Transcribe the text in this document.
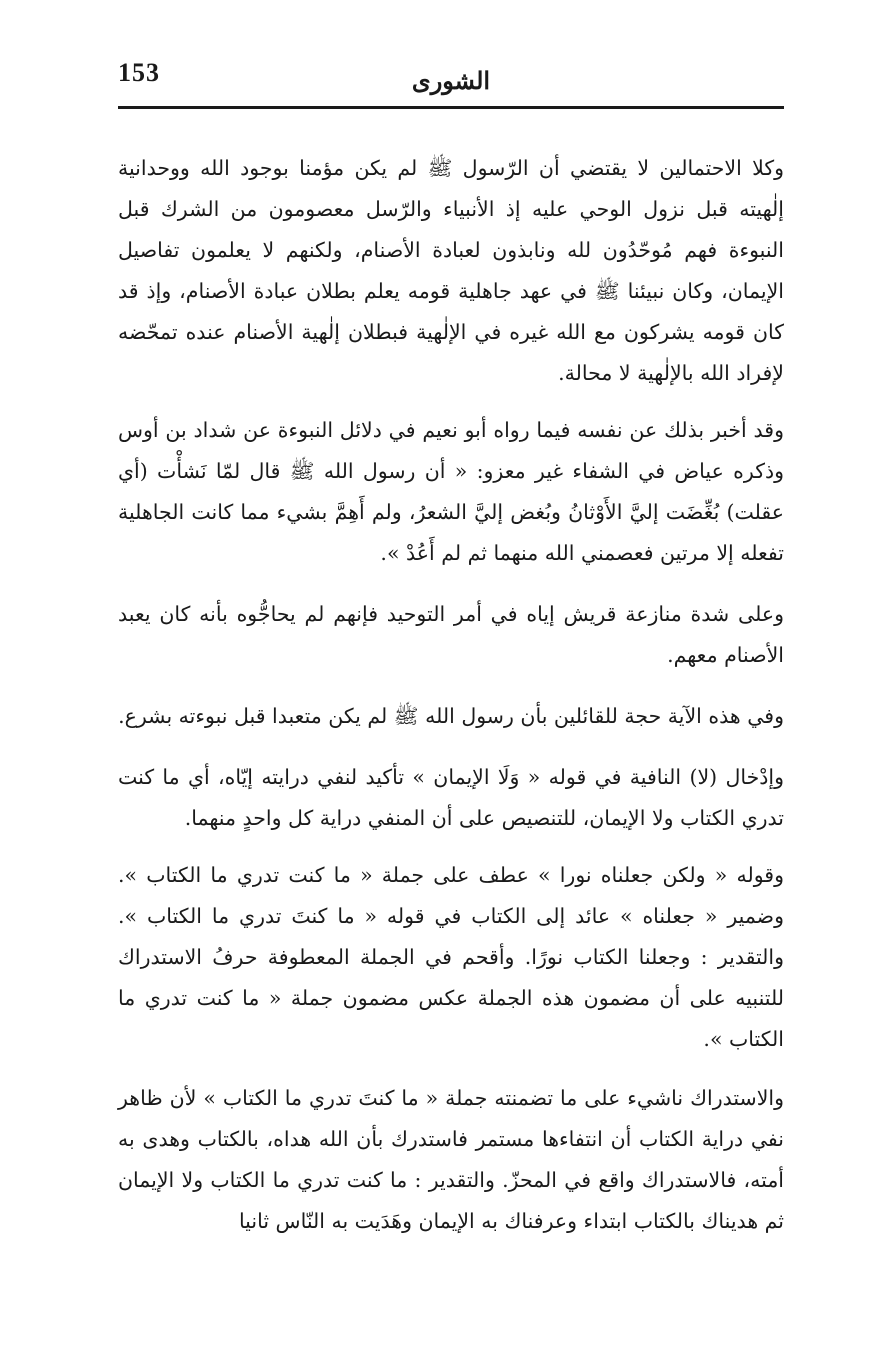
153	الشورى

وكلا الاحتمالين لا يقتضي أن الرّسول ﷺ لم يكن مؤمنا بوجود الله ووحدانية إلٰهيته قبل نزول الوحي عليه إذ الأنبياء والرّسل معصومون من الشرك قبل النبوءة فهم مُوحّدُون لله ونابذون لعبادة الأصنام، ولكنهم لا يعلمون تفاصيل الإيمان، وكان نبيئنا ﷺ في عهد جاهلية قومه يعلم بطلان عبادة الأصنام، وإذ قد كان قومه يشركون مع الله غيره في الإلٰهية فبطلان إلٰهية الأصنام عنده تمحّضه لإفراد الله بالإلٰهية لا محالة.

وقد أخبر بذلك عن نفسه فيما رواه أبو نعيم في دلائل النبوءة عن شداد بن أوس وذكره عياض في الشفاء غير معزو: « أن رسول الله ﷺ قال لمّا نَشأْت (أي عقلت) بُغِّضَت إليَّ الأَوْثانُ وبُغض إليَّ الشعرُ، ولم أَهِمَّ بشيء مما كانت الجاهلية تفعله إلا مرتين فعصمني الله منهما ثم لم أَعُدْ ».

وعلى شدة منازعة قريش إياه في أمر التوحيد فإنهم لم يحاجُّوه بأنه كان يعبد الأصنام معهم.

وفي هذه الآية حجة للقائلين بأن رسول الله ﷺ لم يكن متعبدا قبل نبوءته بشرع.

وإدْخال (لا) النافية في قوله « وَلَا الإيمان » تأكيد لنفي درايته إيّاه، أي ما كنت تدري الكتاب ولا الإيمان، للتنصيص على أن المنفي دراية كل واحدٍ منهما.

وقوله « ولكن جعلناه نورا » عطف على جملة « ما كنت تدري ما الكتاب ». وضمير « جعلناه » عائد إلى الكتاب في قوله « ما كنتَ تدري ما الكتاب ». والتقدير : وجعلنا الكتاب نورًا. وأقحم في الجملة المعطوفة حرفُ الاستدراك للتنبيه على أن مضمون هذه الجملة عكس مضمون جملة « ما كنت تدري ما الكتاب ».

والاستدراك ناشيء على ما تضمنته جملة « ما كنتَ تدري ما الكتاب » لأن ظاهر نفي دراية الكتاب أن انتفاءها مستمر فاستدرك بأن الله هداه، بالكتاب وهدى به أمته، فالاستدراك واقع في المحزّ. والتقدير : ما كنت تدري ما الكتاب ولا الإيمان ثم هديناك بالكتاب ابتداء وعرفناك به الإيمان وهَدَيت به النّاس ثانيا
